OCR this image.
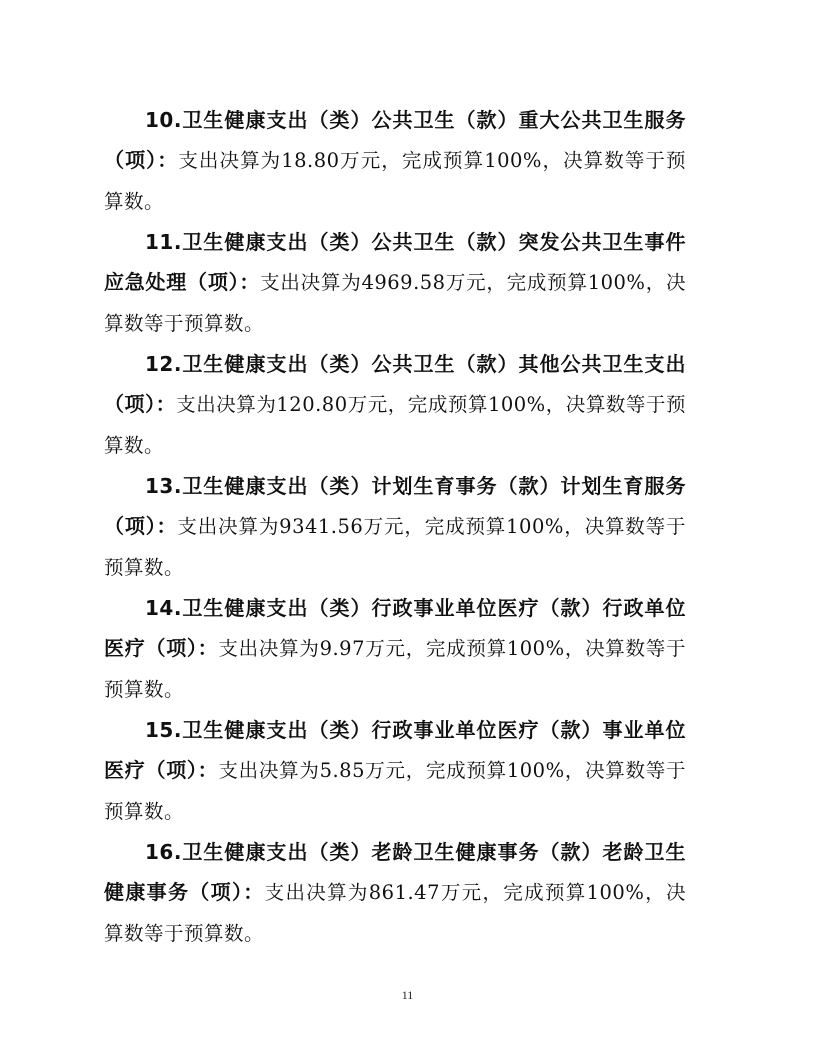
10.卫生健康支出（类）公共卫生（款）重大公共卫生服务（项）：支出决算为18.80万元，完成预算100%，决算数等于预算数。

11.卫生健康支出（类）公共卫生（款）突发公共卫生事件应急处理（项）：支出决算为4969.58万元，完成预算100%，决算数等于预算数。

12.卫生健康支出（类）公共卫生（款）其他公共卫生支出（项）：支出决算为120.80万元，完成预算100%，决算数等于预算数。

13.卫生健康支出（类）计划生育事务（款）计划生育服务（项）：支出决算为9341.56万元，完成预算100%，决算数等于预算数。

14.卫生健康支出（类）行政事业单位医疗（款）行政单位医疗（项）：支出决算为9.97万元，完成预算100%，决算数等于预算数。

15.卫生健康支出（类）行政事业单位医疗（款）事业单位医疗（项）：支出决算为5.85万元，完成预算100%，决算数等于预算数。

16.卫生健康支出（类）老龄卫生健康事务（款）老龄卫生健康事务（项）：支出决算为861.47万元，完成预算100%，决算数等于预算数。

11
